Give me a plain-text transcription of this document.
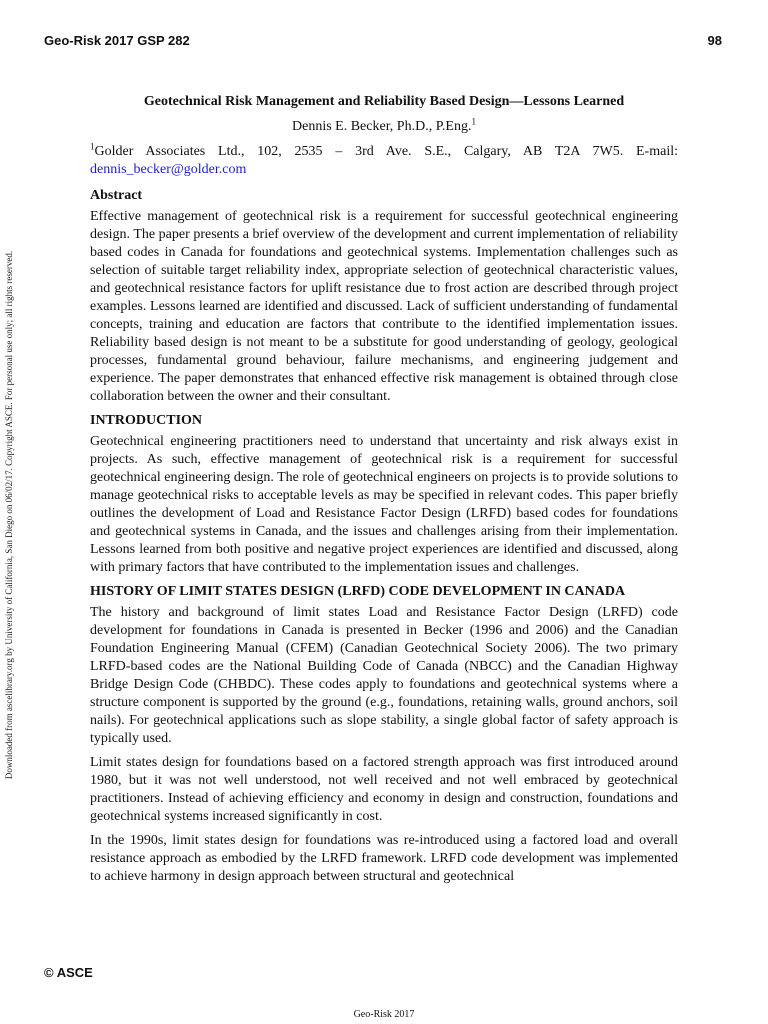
Geo-Risk 2017 GSP 282	98
Downloaded from ascelibrary.org by University of California, San Diego on 06/02/17. Copyright ASCE. For personal use only; all rights reserved.
Geotechnical Risk Management and Reliability Based Design—Lessons Learned
Dennis E. Becker, Ph.D., P.Eng.$^1$

$^1$Golder Associates Ltd., 102, 2535 – 3rd Ave. S.E., Calgary, AB T2A 7W5. E-mail:

dennis_becker@golder.com
Abstract

Effective management of geotechnical risk is a requirement for successful geotechnical engineering design. The paper presents a brief overview of the development and current implementation of reliability based codes in Canada for foundations and geotechnical systems. Implementation challenges such as selection of suitable target reliability index, appropriate selection of geotechnical characteristic values, and geotechnical resistance factors for uplift resistance due to frost action are described through project examples. Lessons learned are identified and discussed. Lack of sufficient understanding of fundamental concepts, training and education are factors that contribute to the identified implementation issues. Reliability based design is not meant to be a substitute for good understanding of geology, geological processes, fundamental ground behaviour, failure mechanisms, and engineering judgement and experience. The paper demonstrates that enhanced effective risk management is obtained through close collaboration between the owner and their consultant.

INTRODUCTION

Geotechnical engineering practitioners need to understand that uncertainty and risk always exist in projects. As such, effective management of geotechnical risk is a requirement for successful geotechnical engineering design. The role of geotechnical engineers on projects is to provide solutions to manage geotechnical risks to acceptable levels as may be specified in relevant codes. This paper briefly outlines the development of Load and Resistance Factor Design (LRFD) based codes for foundations and geotechnical systems in Canada, and the issues and challenges arising from their implementation. Lessons learned from both positive and negative project experiences are identified and discussed, along with primary factors that have contributed to the implementation issues and challenges.

HISTORY OF LIMIT STATES DESIGN (LRFD) CODE DEVELOPMENT IN CANADA

The history and background of limit states Load and Resistance Factor Design (LRFD) code development for foundations in Canada is presented in Becker (1996 and 2006) and the Canadian Foundation Engineering Manual (CFEM) (Canadian Geotechnical Society 2006). The two primary LRFD-based codes are the National Building Code of Canada (NBCC) and the Canadian Highway Bridge Design Code (CHBDC). These codes apply to foundations and geotechnical systems where a structure component is supported by the ground (e.g., foundations, retaining walls, ground anchors, soil nails). For geotechnical applications such as slope stability, a single global factor of safety approach is typically used.

Limit states design for foundations based on a factored strength approach was first introduced around 1980, but it was not well understood, not well received and not well embraced by geotechnical practitioners. Instead of achieving efficiency and economy in design and construction, foundations and geotechnical systems increased significantly in cost.

In the 1990s, limit states design for foundations was re-introduced using a factored load and overall resistance approach as embodied by the LRFD framework. LRFD code development was implemented to achieve harmony in design approach between structural and geotechnical

© ASCE
Geo-Risk 2017
